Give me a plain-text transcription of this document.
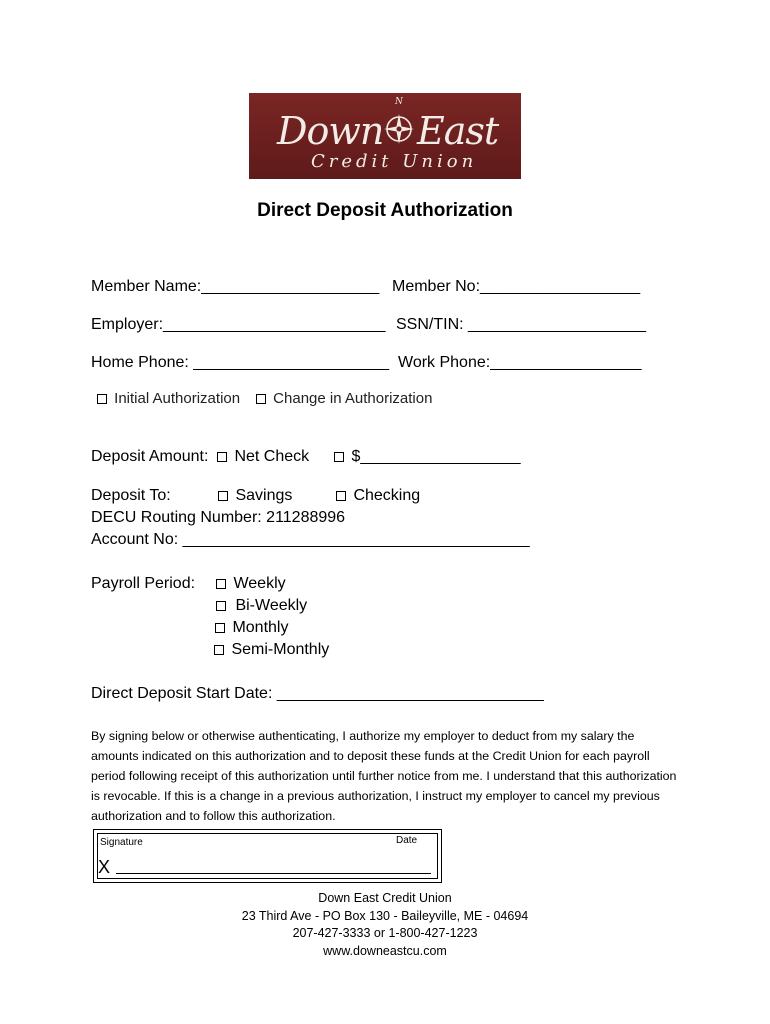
N
Down East
Credit Union
Direct Deposit Authorization
Member Name:____________________ Member No:__________________
Employer:_________________________ SSN/TIN: ____________________
Home Phone: ______________________ Work Phone:_________________
Initial Authorization	Change in Authorization
Deposit Amount:	Net Check	$__________________
Deposit To:	Savings	Checking
DECU Routing Number: 211288996
Account No: _______________________________________
Payroll Period:	Weekly
Bi-Weekly
Monthly
Semi-Monthly
Direct Deposit Start Date: ______________________________
By signing below or otherwise authenticating, I authorize my employer to deduct from my salary the amounts indicated on this authorization and to deposit these funds at the Credit Union for each payroll period following receipt of this authorization until further notice from me. I understand that this authorization is revocable. If this is a change in a previous authorization, I instruct my employer to cancel my previous authorization and to follow this authorization.
Signature	Date
X
Down East Credit Union
23 Third Ave - PO Box 130 - Baileyville, ME - 04694
207-427-3333 or 1-800-427-1223
www.downeastcu.com
